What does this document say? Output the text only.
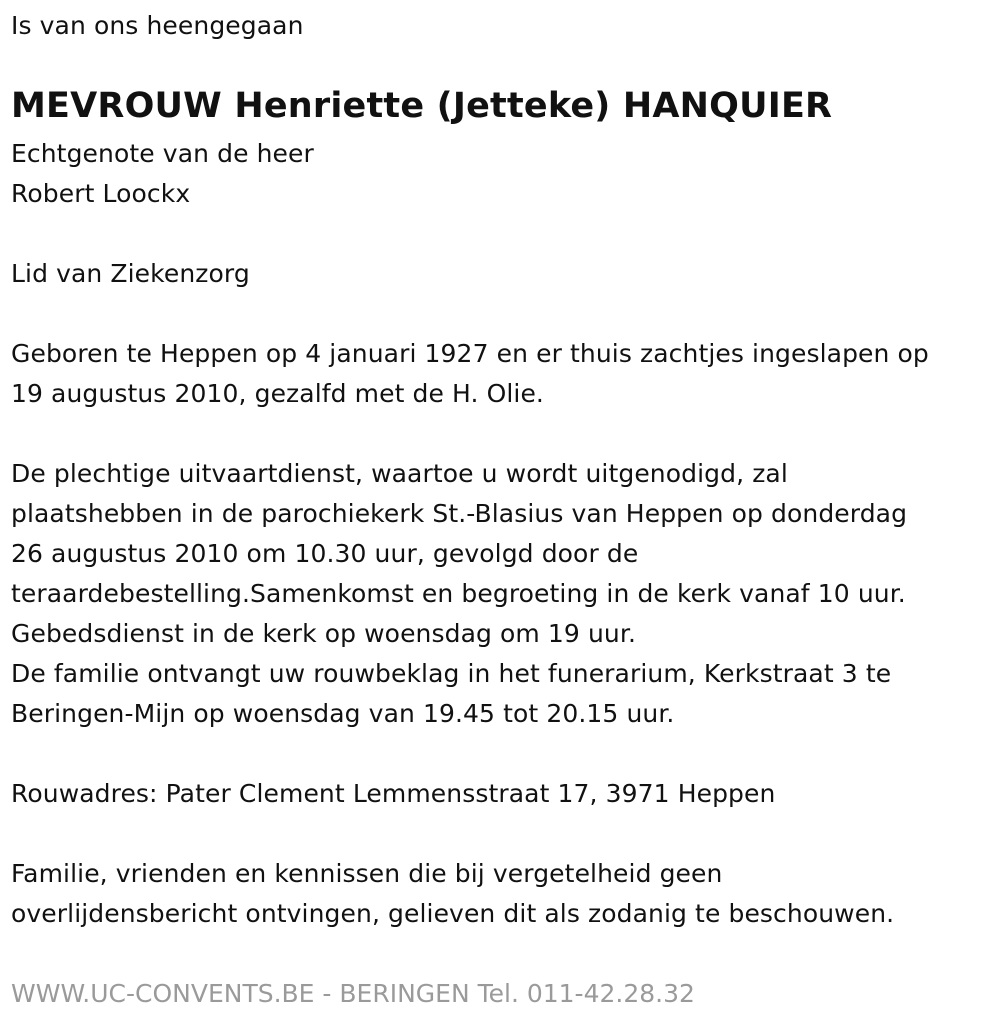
Is van ons heengegaan
MEVROUW Henriette (Jetteke) HANQUIER
Echtgenote van de heer
Robert Loockx
Lid van Ziekenzorg
Geboren te Heppen op 4 januari 1927 en er thuis zachtjes ingeslapen op
19 augustus 2010, gezalfd met de H. Olie.
De plechtige uitvaartdienst, waartoe u wordt uitgenodigd, zal
plaatshebben in de parochiekerk St.-Blasius van Heppen op donderdag
26 augustus 2010 om 10.30 uur, gevolgd door de
teraardebestelling.Samenkomst en begroeting in de kerk vanaf 10 uur.
Gebedsdienst in de kerk op woensdag om 19 uur.
De familie ontvangt uw rouwbeklag in het funerarium, Kerkstraat 3 te
Beringen-Mijn op woensdag van 19.45 tot 20.15 uur.
Rouwadres: Pater Clement Lemmensstraat 17, 3971 Heppen
Familie, vrienden en kennissen die bij vergetelheid geen
overlijdensbericht ontvingen, gelieven dit als zodanig te beschouwen.
WWW.UC-CONVENTS.BE - BERINGEN Tel. 011-42.28.32
